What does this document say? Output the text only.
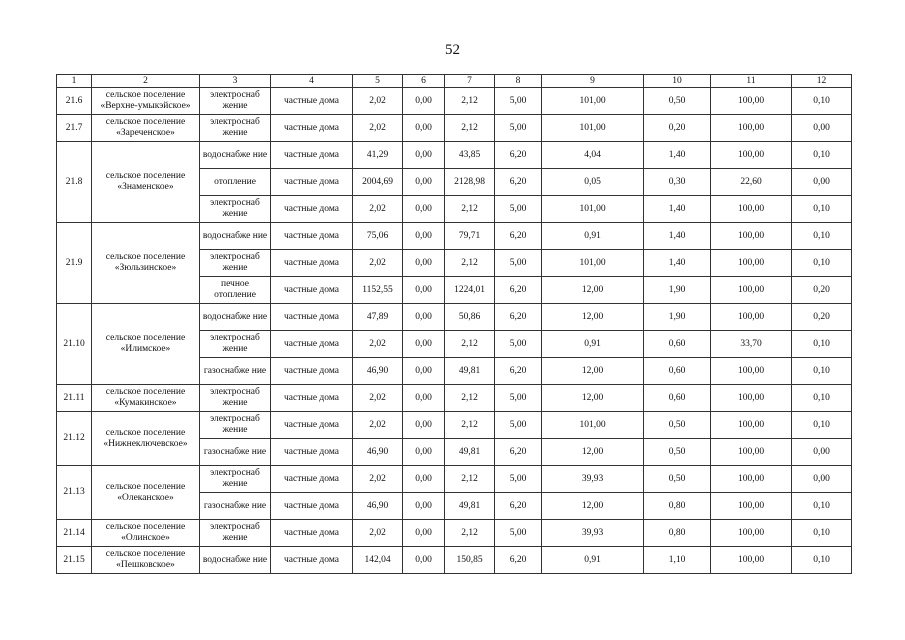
52
1	2	3	4	5	6	7	8	9	10	11	12
21.6	сельское поселение «Верхне-умыкэйское»	электроснаб жение	частные дома	2,02	0,00	2,12	5,00	101,00	0,50	100,00	0,10
21.7	сельское поселение «Зареченское»	электроснаб жение	частные дома	2,02	0,00	2,12	5,00	101,00	0,20	100,00	0,00
21.8	сельское поселение «Знаменское»	водоснабже ние	частные дома	41,29	0,00	43,85	6,20	4,04	1,40	100,00	0,10
		отопление	частные дома	2004,69	0,00	2128,98	6,20	0,05	0,30	22,60	0,00
		электроснаб жение	частные дома	2,02	0,00	2,12	5,00	101,00	1,40	100,00	0,10
21.9	сельское поселение «Зюльзинское»	водоснабже ние	частные дома	75,06	0,00	79,71	6,20	0,91	1,40	100,00	0,10
		электроснаб жение	частные дома	2,02	0,00	2,12	5,00	101,00	1,40	100,00	0,10
		печное отопление	частные дома	1152,55	0,00	1224,01	6,20	12,00	1,90	100,00	0,20
21.10	сельское поселение «Илимское»	водоснабже ние	частные дома	47,89	0,00	50,86	6,20	12,00	1,90	100,00	0,20
		электроснаб жение	частные дома	2,02	0,00	2,12	5,00	0,91	0,60	33,70	0,10
		газоснабже ние	частные дома	46,90	0,00	49,81	6,20	12,00	0,60	100,00	0,10
21.11	сельское поселение «Кумакинское»	электроснаб жение	частные дома	2,02	0,00	2,12	5,00	12,00	0,60	100,00	0,10
21.12	сельское поселение «Нижнеключевское»	электроснаб жение	частные дома	2,02	0,00	2,12	5,00	101,00	0,50	100,00	0,10
		газоснабже ние	частные дома	46,90	0,00	49,81	6,20	12,00	0,50	100,00	0,00
21.13	сельское поселение «Олеканское»	электроснаб жение	частные дома	2,02	0,00	2,12	5,00	39,93	0,50	100,00	0,00
		газоснабже ние	частные дома	46,90	0,00	49,81	6,20	12,00	0,80	100,00	0,10
21.14	сельское поселение «Олинское»	электроснаб жение	частные дома	2,02	0,00	2,12	5,00	39,93	0,80	100,00	0,10
21.15	сельское поселение «Пешковское»	водоснабже ние	частные дома	142,04	0,00	150,85	6,20	0,91	1,10	100,00	0,10
